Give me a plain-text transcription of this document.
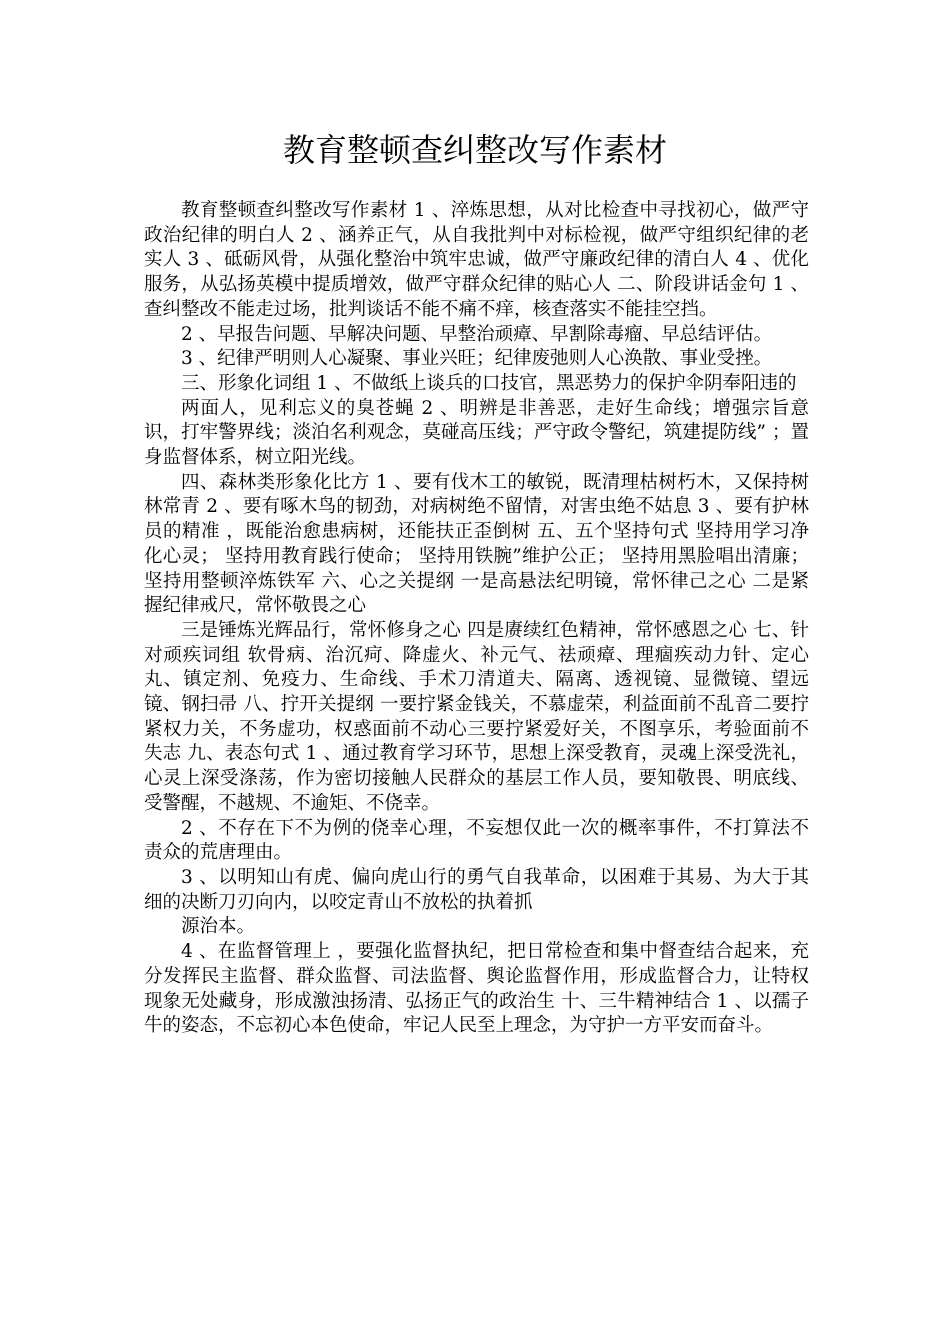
教育整顿查纠整改写作素材

教育整顿查纠整改写作素材 1 、淬炼思想，从对比检查中寻找初心，做严守政治纪律的明白人 2 、涵养正气，从自我批判中对标检视，做严守组织纪律的老实人 3 、砥砺风骨，从强化整治中筑牢忠诚，做严守廉政纪律的清白人 4 、优化服务，从弘扬英模中提质增效，做严守群众纪律的贴心人 二、阶段讲话金句 1 、查纠整改不能走过场，批判谈话不能不痛不痒，核查落实不能挂空挡。

2 、早报告问题、早解决问题、早整治顽瘴、早割除毒瘤、早总结评估。

3 、纪律严明则人心凝聚、事业兴旺；纪律废弛则人心涣散、事业受挫。

三、形象化词组 1 、不做纸上谈兵的口技官，黑恶势力的保护伞阴奉阳违的

两面人，见利忘义的臭苍蝇 2 、明辨是非善恶，走好生命线；增强宗旨意识，打牢警界线；淡泊名利观念，莫碰高压线；严守政令警纪，筑建提防线” ；置身监督体系，树立阳光线。

四、森林类形象化比方 1 、要有伐木工的敏锐，既清理枯树朽木，又保持树林常青 2 、要有啄木鸟的韧劲，对病树绝不留情，对害虫绝不姑息 3 、要有护林员的精准 ，既能治愈患病树，还能扶正歪倒树 五、五个坚持句式 坚持用学习净化心灵； 坚持用教育践行使命； 坚持用铁腕”维护公正； 坚持用黑脸唱出清廉； 坚持用整顿淬炼铁军 六、心之关提纲 一是高悬法纪明镜，常怀律己之心 二是紧握纪律戒尺，常怀敬畏之心

三是锤炼光辉品行，常怀修身之心 四是赓续红色精神，常怀感恩之心 七、针对顽疾词组 软骨病、治沉疴、降虚火、补元气、祛顽瘴、理痼疾动力针、定心丸、镇定剂、免疫力、生命线、手术刀清道夫、隔离、透视镜、显微镜、望远镜、钢扫帚 八、拧开关提纲 一要拧紧金钱关，不慕虚荣，利益面前不乱音二要拧紧权力关，不务虚功，权惑面前不动心三要拧紧爱好关，不图享乐，考验面前不失志 九、表态句式 1 、通过教育学习环节，思想上深受教育，灵魂上深受洗礼，心灵上深受涤荡，作为密切接触人民群众的基层工作人员，要知敬畏、明底线、受警醒，不越规、不逾矩、不侥幸。

2 、不存在下不为例的侥幸心理，不妄想仅此一次的概率事件，不打算法不责众的荒唐理由。

3 、以明知山有虎、偏向虎山行的勇气自我革命，以困难于其易、为大于其细的决断刀刃向内，以咬定青山不放松的执着抓

源治本。

4 、在监督管理上 ，要强化监督执纪，把日常检查和集中督查结合起来，充分发挥民主监督、群众监督、司法监督、舆论监督作用，形成监督合力，让特权现象无处藏身，形成激浊扬清、弘扬正气的政治生 十、三牛精神结合 1 、以孺子牛的姿态，不忘初心本色使命，牢记人民至上理念，为守护一方平安而奋斗。
